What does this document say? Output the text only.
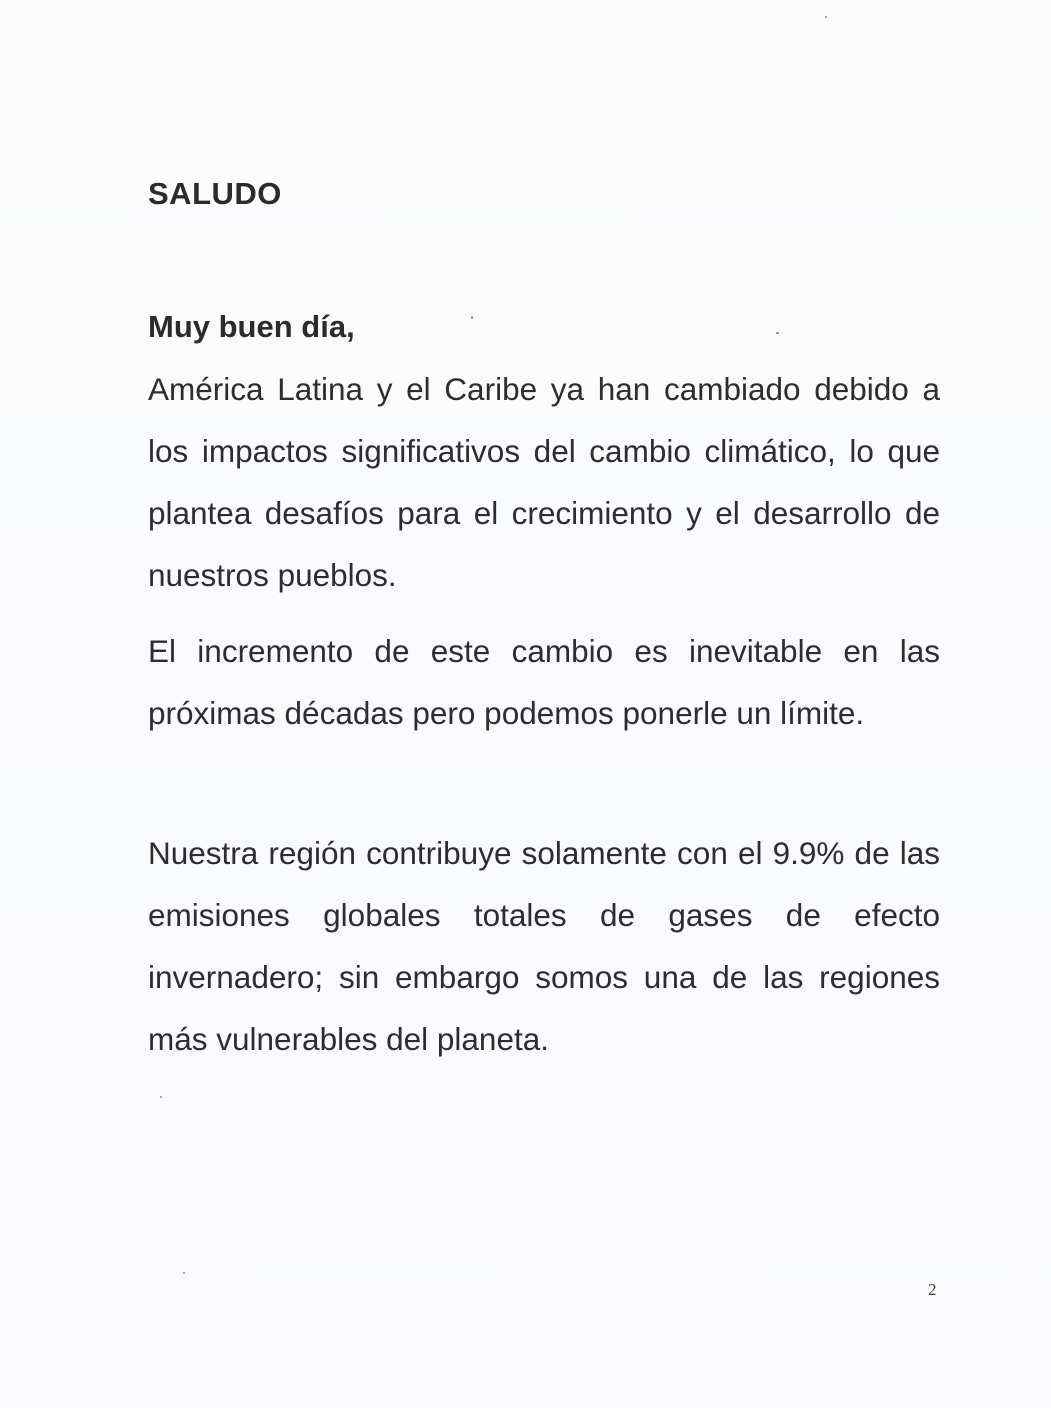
SALUDO

Muy buen día,

América Latina y el Caribe ya han cambiado debido a los impactos significativos del cambio climático, lo que plantea desafíos para el crecimiento y el desarrollo de nuestros pueblos.

El incremento de este cambio es inevitable en las próximas décadas pero podemos ponerle un límite.

Nuestra región contribuye solamente con el 9.9% de las emisiones globales totales de gases de efecto invernadero; sin embargo somos una de las regiones más vulnerables del planeta.

2
